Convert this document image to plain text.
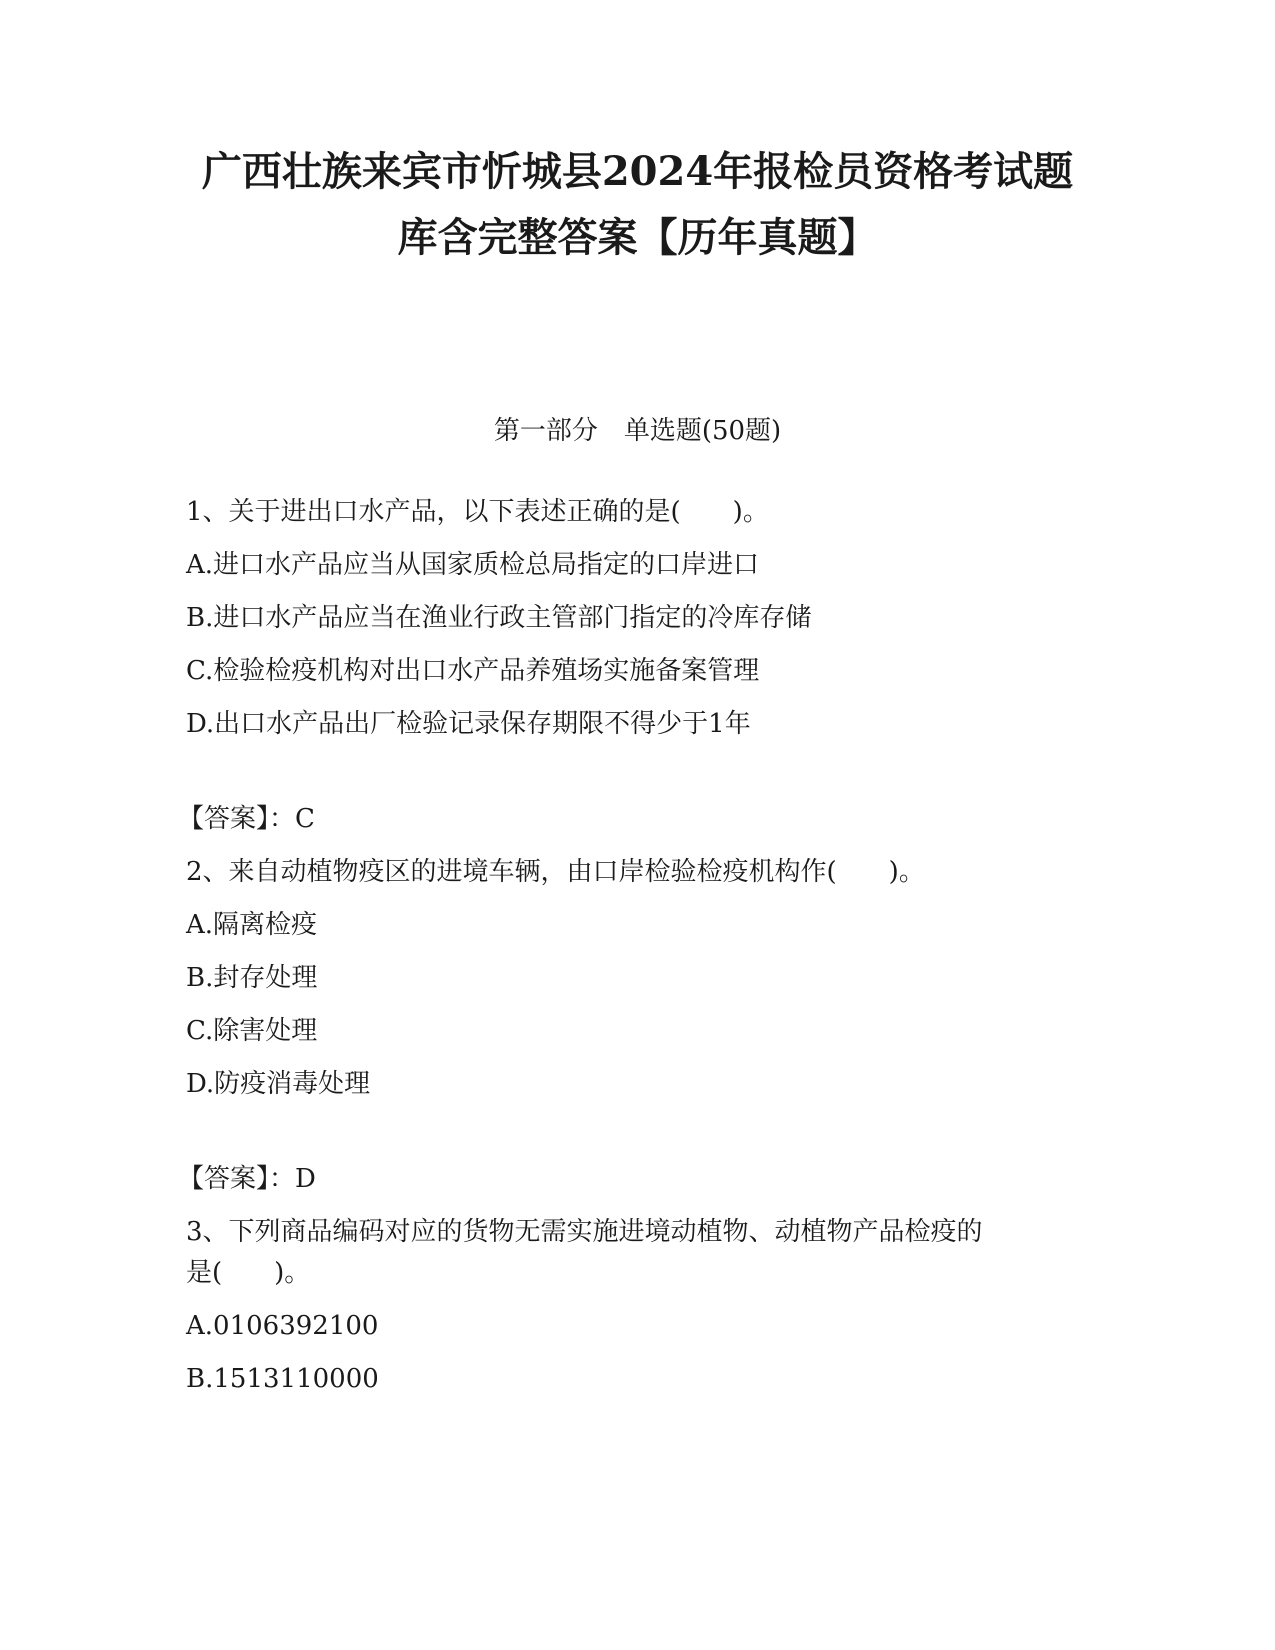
广西壮族来宾市忻城县2024年报检员资格考试题
库含完整答案【历年真题】
第一部分　单选题(50题)
1、关于进出口水产品，以下表述正确的是(　　)。
A.进口水产品应当从国家质检总局指定的口岸进口
B.进口水产品应当在渔业行政主管部门指定的冷库存储
C.检验检疫机构对出口水产品养殖场实施备案管理
D.出口水产品出厂检验记录保存期限不得少于1年
【答案】：C
2、来自动植物疫区的进境车辆，由口岸检验检疫机构作(　　)。
A.隔离检疫
B.封存处理
C.除害处理
D.防疫消毒处理
【答案】：D
3、下列商品编码对应的货物无需实施进境动植物、动植物产品检疫的
是(　　)。
A.0106392100
B.1513110000
